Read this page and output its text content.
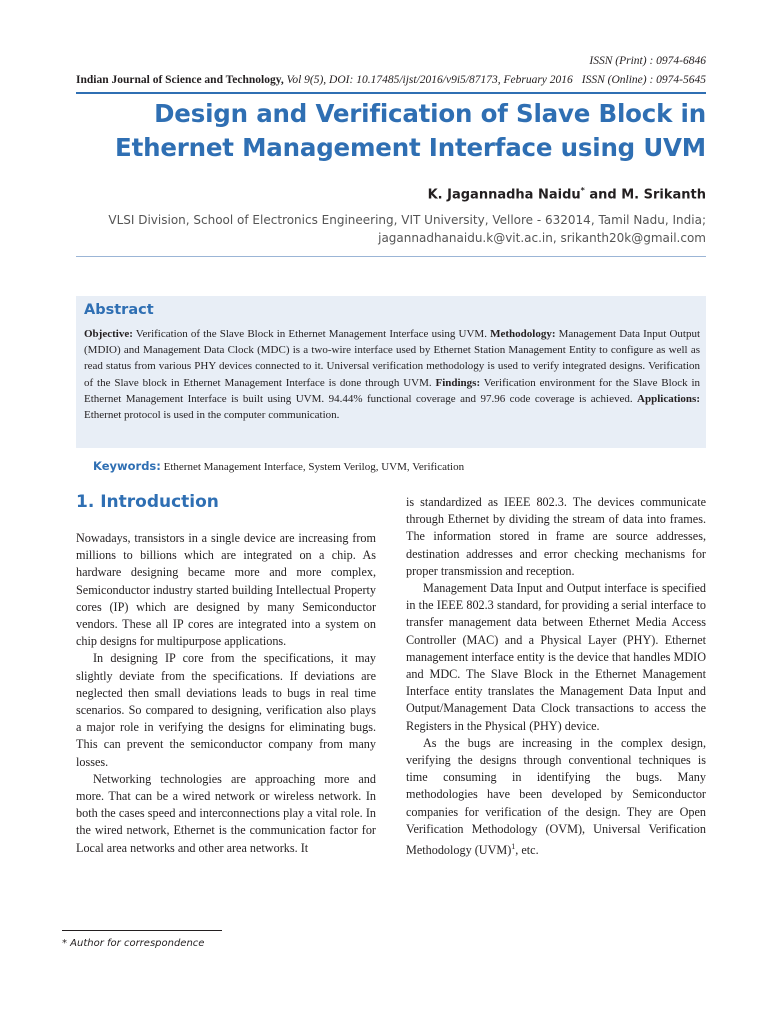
ISSN (Print) : 0974-6846
Indian Journal of Science and Technology, Vol 9(5), DOI: 10.17485/ijst/2016/v9i5/87173, February 2016 ISSN (Online) : 0974-5645
Design and Verification of Slave Block in Ethernet Management Interface using UVM
K. Jagannadha Naidu* and M. Srikanth
VLSI Division, School of Electronics Engineering, VIT University, Vellore - 632014, Tamil Nadu, India;
jagannadhanaidu.k@vit.ac.in, srikanth20k@gmail.com
Abstract
Objective: Verification of the Slave Block in Ethernet Management Interface using UVM. Methodology: Management Data Input Output (MDIO) and Management Data Clock (MDC) is a two-wire interface used by Ethernet Station Management Entity to configure as well as read status from various PHY devices connected to it. Universal verification methodology is used to verify integrated designs. Verification of the Slave block in Ethernet Management Interface is done through UVM. Findings: Verification environment for the Slave Block in Ethernet Management Interface is built using UVM. 94.44% functional coverage and 97.96 code coverage is achieved. Applications: Ethernet protocol is used in the computer communication.
Keywords: Ethernet Management Interface, System Verilog, UVM, Verification
1. Introduction

Nowadays, transistors in a single device are increasing from millions to billions which are integrated on a chip. As hardware designing became more and more complex, Semiconductor industry started building Intellectual Property cores (IP) which are designed by many Semiconductor vendors. These all IP cores are integrated into a system on chip designs for multipurpose applications.

In designing IP core from the specifications, it may slightly deviate from the specifications. If deviations are neglected then small deviations leads to bugs in real time scenarios. So compared to designing, verification also plays a major role in verifying the designs for eliminating bugs. This can prevent the semiconductor company from many losses.

Networking technologies are approaching more and more. That can be a wired network or wireless network. In both the cases speed and interconnections play a vital role. In the wired network, Ethernet is the communication factor for Local area networks and other area networks. It

is standardized as IEEE 802.3. The devices communicate through Ethernet by dividing the stream of data into frames. The information stored in frame are source addresses, destination addresses and error checking mechanisms for proper transmission and reception.

Management Data Input and Output interface is specified in the IEEE 802.3 standard, for providing a serial interface to transfer management data between Ethernet Media Access Controller (MAC) and a Physical Layer (PHY). Ethernet management interface entity is the device that handles MDIO and MDC. The Slave Block in the Ethernet Management Interface entity translates the Management Data Input and Output/Management Data Clock transactions to access the Registers in the Physical (PHY) device.

As the bugs are increasing in the complex design, verifying the designs through conventional techniques is time consuming in identifying the bugs. Many methodologies have been developed by Semiconductor companies for verification of the design. They are Open Verification Methodology (OVM), Universal Verification Methodology (UVM)$^1$, etc.

* Author for correspondence
